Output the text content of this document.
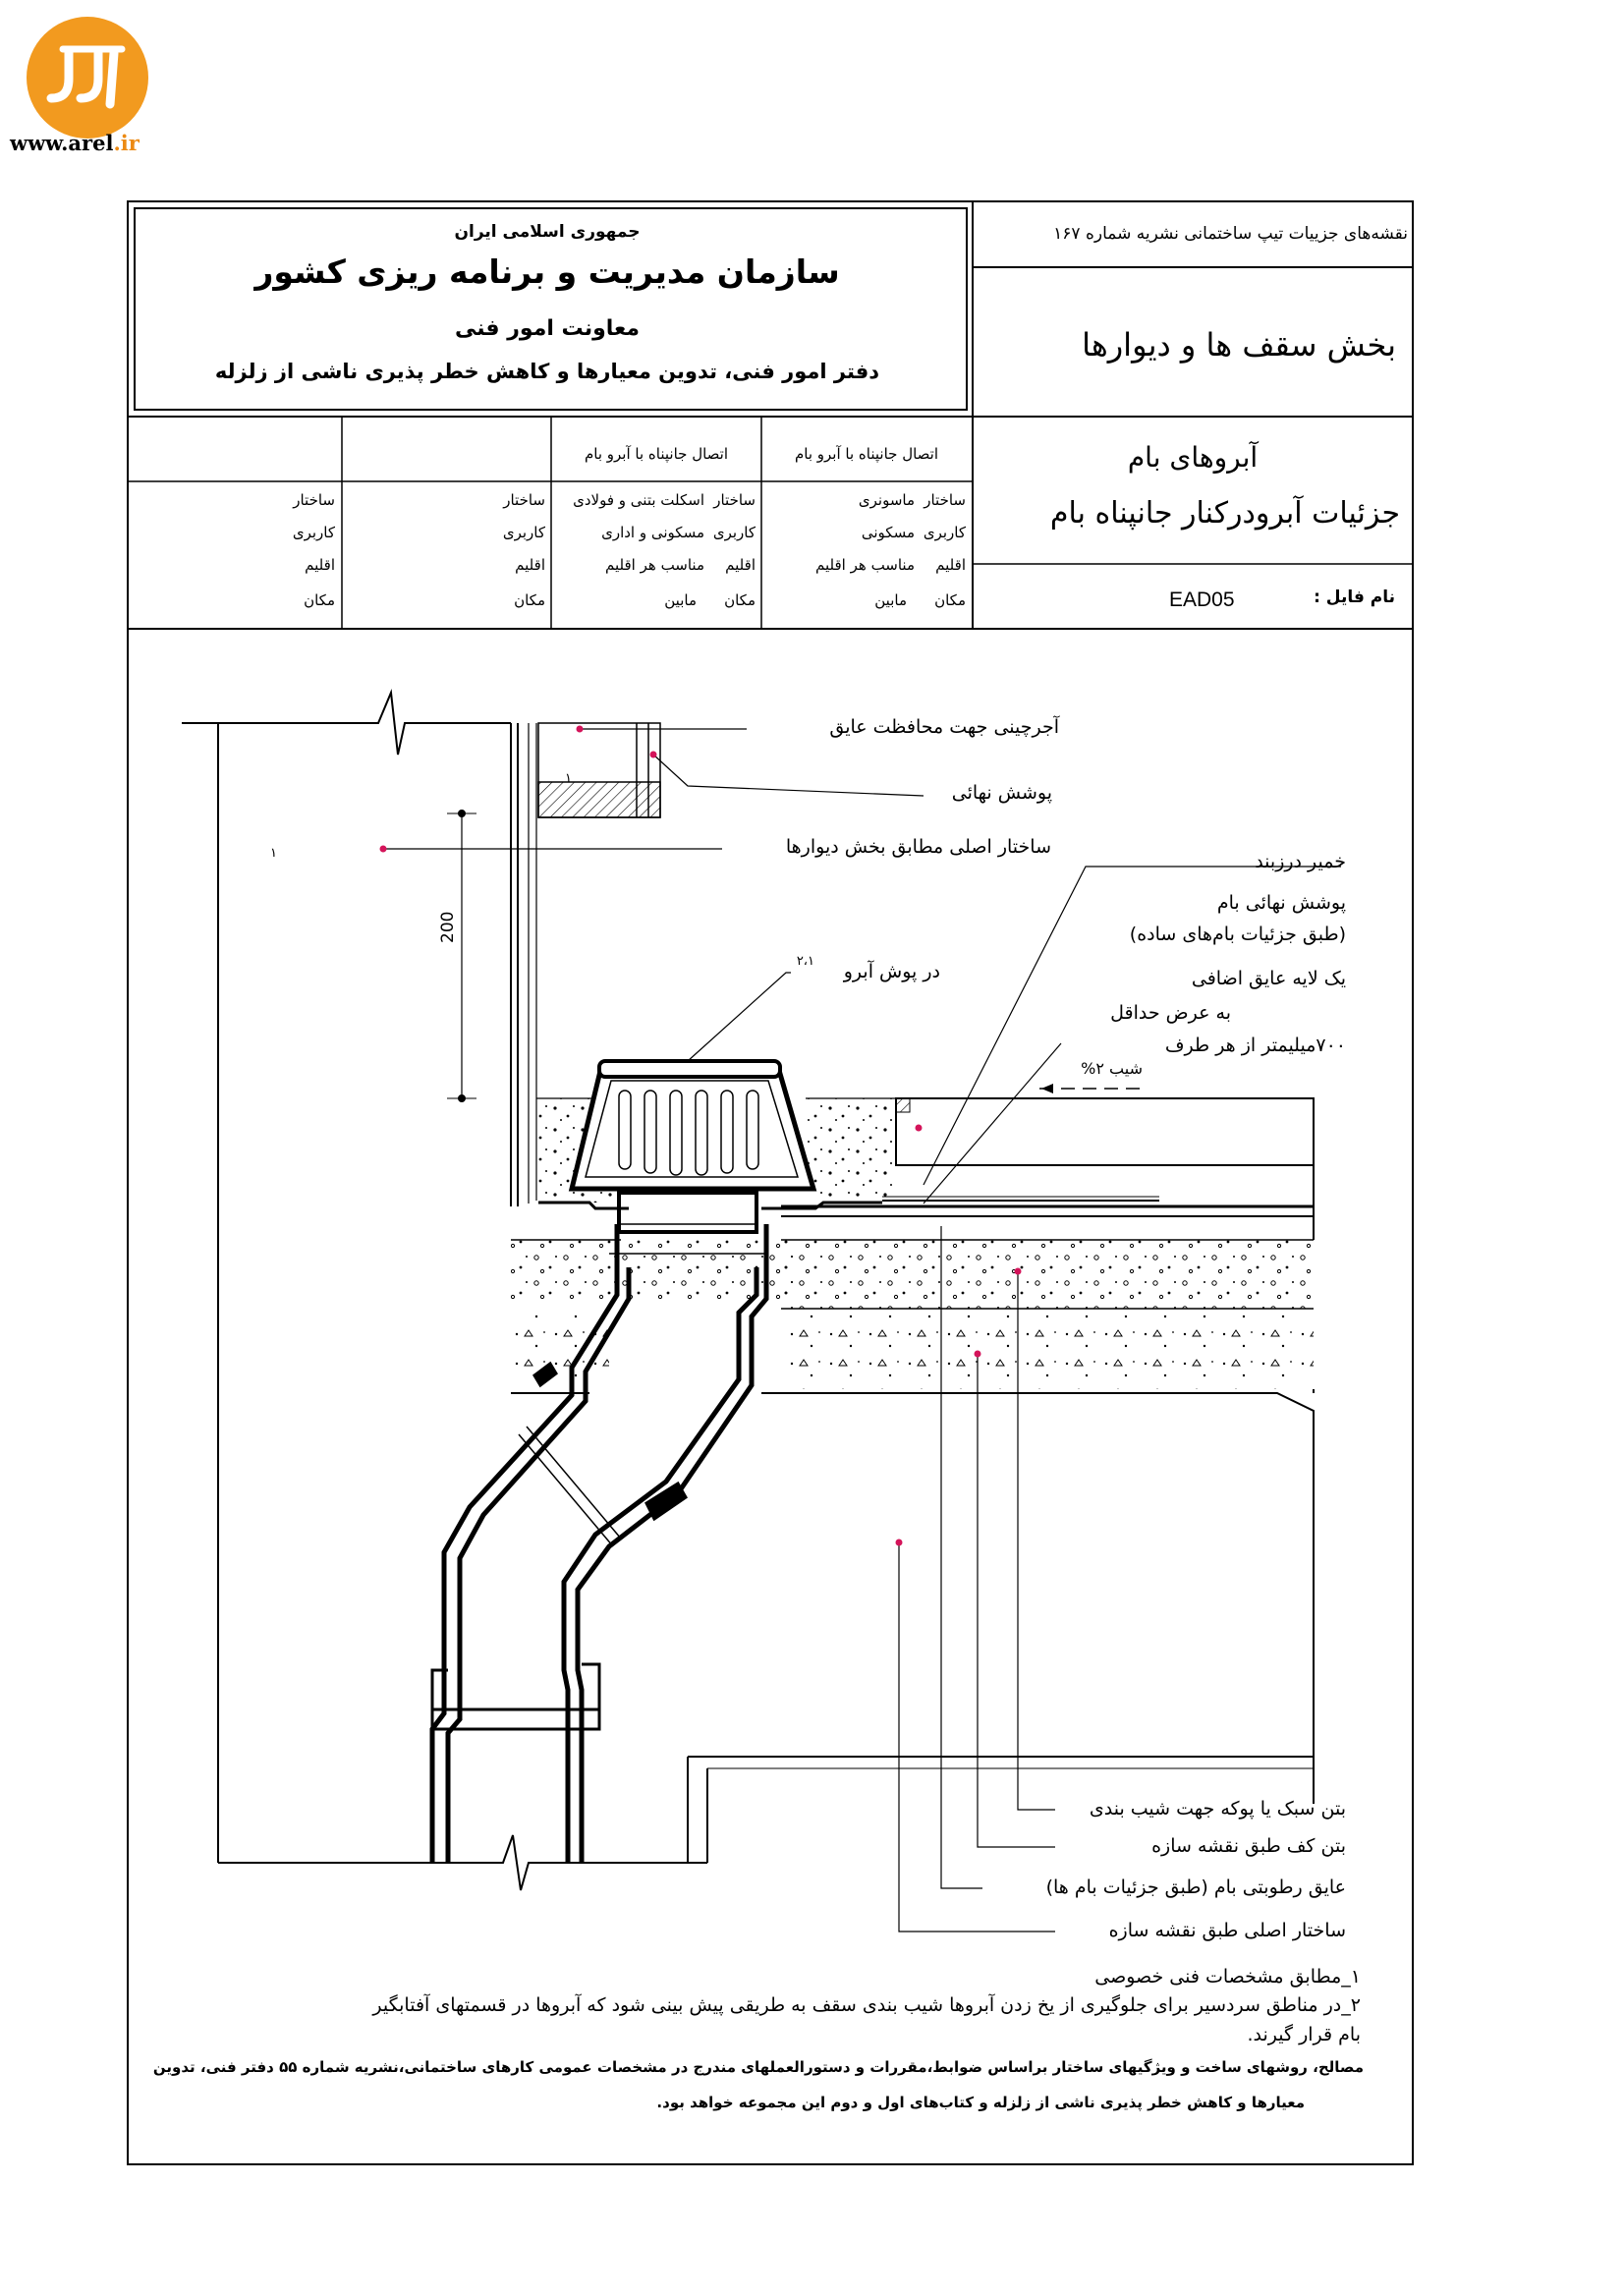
www.arel.ir
جمهوری اسلامی ایران
سازمان مدیریت و برنامه ریزی کشور
معاونت امور فنی
دفتر امور فنی، تدوین معیارها و کاهش خطر پذیری ناشی از زلزله
نقشه‌های جزییات تیپ ساختمانی نشریه شماره ۱۶۷
بخش سقف ها و دیوارها
آبروهای بام
جزئیات آبرودرکنار جانپناه بام
نام فایل :
EAD05
اتصال جانپناه با آبرو بام
اتصال جانپناه با آبرو بام
ساختار
ماسونری
کاربری
مسکونی
اقلیم
مناسب هر اقلیم
مکان
مابین
ساختار
اسکلت بتنی و فولادی
کاربری
مسکونی و اداری
اقلیم
مناسب هر اقلیم
مکان
مابین
ساختار
کاربری
اقلیم
مکان
ساختار
کاربری
اقلیم
مکان
200
شیب ۲%
آجرچینی جهت محافظت عایق
پوشش نهائی
۱
ساختار اصلی مطابق بخش دیوارها
خمیر درزبند
۱
پوشش نهائی بام
(طبق جزئیات بام‌های ساده)
یک لایه عایق اضافی
به عرض حداقل
۷۰۰میلیمتر از هر طرف
در پوش آبرو
۲،۱
بتن سبک یا پوکه جهت شیب بندی
بتن کف طبق نقشه سازه
عایق رطوبتی بام (طبق جزئیات بام ها)
ساختار اصلی طبق نقشه سازه
۱_مطابق مشخصات فنی خصوصی
۲_در مناطق سردسیر برای جلوگیری از یخ زدن آبروها شیب بندی سقف به طریقی پیش بینی شود که آبروها در قسمتهای آفتابگیر
بام قرار گیرند.
مصالح، روشهای ساخت و ویژگیهای ساختار براساس ضوابط،مقررات و دستورالعملهای مندرج در مشخصات عمومی کارهای ساختمانی،نشریه شماره ۵۵ دفتر فنی، تدوین
معیارها و کاهش خطر پذیری ناشی از زلزله و کتاب‌های اول و دوم این مجموعه خواهد بود.
